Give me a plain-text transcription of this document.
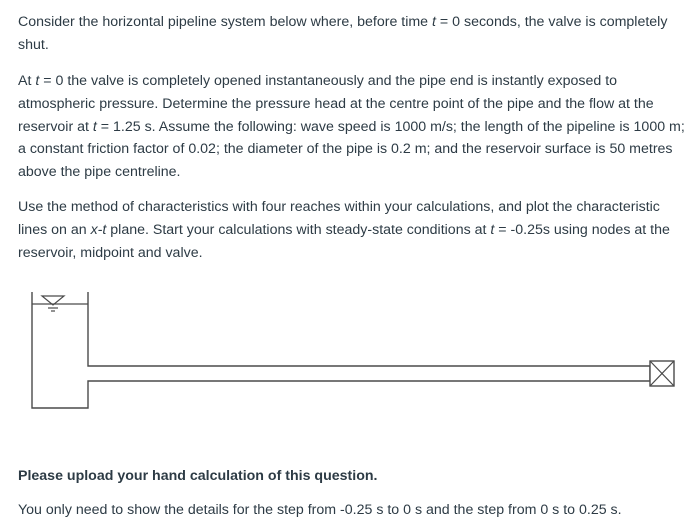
Consider the horizontal pipeline system below where, before time t = 0 seconds, the valve is completely shut.

At t = 0 the valve is completely opened instantaneously and the pipe end is instantly exposed to atmospheric pressure. Determine the pressure head at the centre point of the pipe and the flow at the reservoir at t = 1.25 s. Assume the following: wave speed is 1000 m/s; the length of the pipeline is 1000 m; a constant friction factor of 0.02; the diameter of the pipe is 0.2 m; and the reservoir surface is 50 metres above the pipe centreline.

Use the method of characteristics with four reaches within your calculations, and plot the characteristic lines on an x-t plane. Start your calculations with steady-state conditions at t = -0.25s using nodes at the reservoir, midpoint and valve.

Please upload your hand calculation of this question.

You only need to show the details for the step from -0.25 s to 0 s and the step from 0 s to 0.25 s.
